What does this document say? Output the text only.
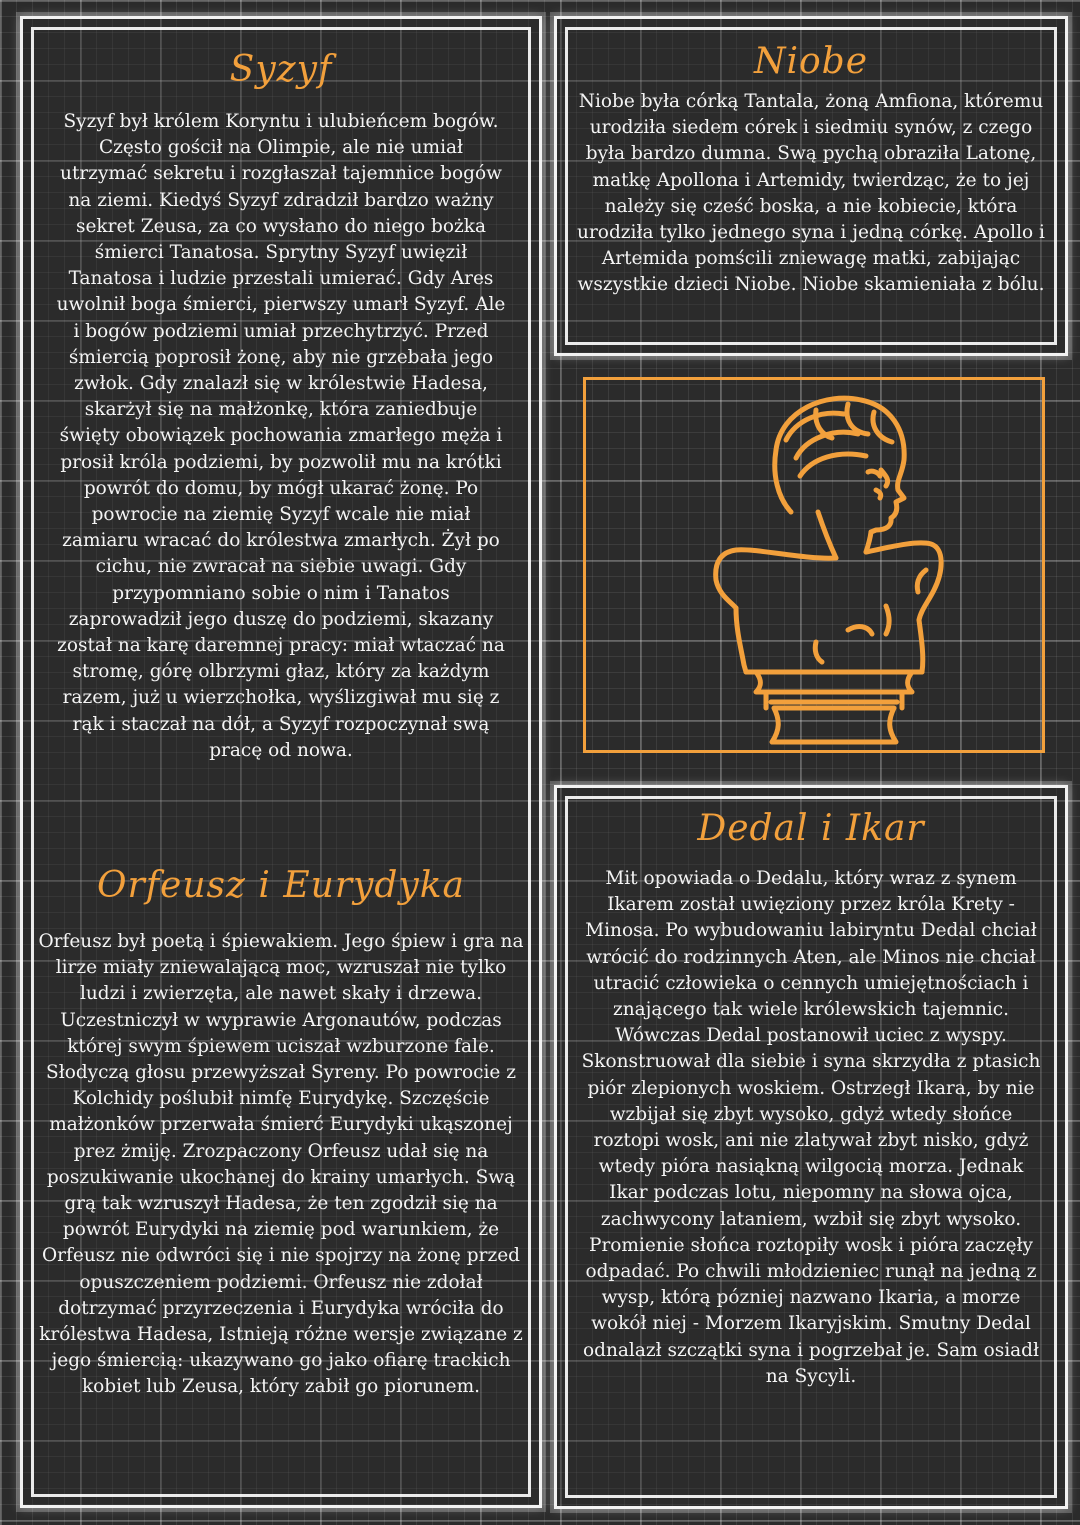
Syzyf

Syzyf był królem Koryntu i ulubieńcem bogów. Często gościł na Olimpie, ale nie umiał utrzymać sekretu i rozgłaszał tajemnice bogów na ziemi. Kiedyś Syzyf zdradził bardzo ważny sekret Zeusa, za co wysłano do niego bożka śmierci Tanatosa. Sprytny Syzyf uwięził Tanatosa i ludzie przestali umierać. Gdy Ares uwolnił boga śmierci, pierwszy umarł Syzyf. Ale i bogów podziemi umiał przechytrzyć. Przed śmiercią poprosił żonę, aby nie grzebała jego zwłok. Gdy znalazł się w królestwie Hadesa, skarżył się na małżonkę, która zaniedbuje święty obowiązek pochowania zmarłego męża i prosił króla podziemi, by pozwolił mu na krótki powrót do domu, by mógł ukarać żonę. Po powrocie na ziemię Syzyf wcale nie miał zamiaru wracać do królestwa zmarłych. Żył po cichu, nie zwracał na siebie uwagi. Gdy przypomniano sobie o nim i Tanatos zaprowadził jego duszę do podziemi, skazany został na karę daremnej pracy: miał wtaczać na stromę, górę olbrzymi głaz, który za każdym razem, już u wierzchołka, wyślizgiwał mu się z rąk i staczał na dół, a Syzyf rozpoczynał swą pracę od nowa.

Orfeusz i Eurydyka

Orfeusz był poetą i śpiewakiem. Jego śpiew i gra na lirze miały zniewalającą moc, wzruszał nie tylko ludzi i zwierzęta, ale nawet skały i drzewa. Uczestniczył w wyprawie Argonautów, podczas której swym śpiewem uciszał wzburzone fale. Słodyczą głosu przewyższał Syreny. Po powrocie z Kolchidy poślubił nimfę Eurydykę. Szczęście małżonków przerwała śmierć Eurydyki ukąszonej prez żmiję. Zrozpaczony Orfeusz udał się na poszukiwanie ukochanej do krainy umarłych. Swą grą tak wzruszył Hadesa, że ten zgodził się na powrót Eurydyki na ziemię pod warunkiem, że Orfeusz nie odwróci się i nie spojrzy na żonę przed opuszczeniem podziemi. Orfeusz nie zdołał dotrzymać przyrzeczenia i Eurydyka wróciła do królestwa Hadesa, Istnieją różne wersje związane z jego śmiercią: ukazywano go jako ofiarę trackich kobiet lub Zeusa, który zabił go piorunem.

Niobe

Niobe była córką Tantala, żoną Amfiona, któremu urodziła siedem córek i siedmiu synów, z czego była bardzo dumna. Swą pychą obraziła Latonę, matkę Apollona i Artemidy, twierdząc, że to jej należy się cześć boska, a nie kobiecie, która urodziła tylko jednego syna i jedną córkę. Apollo i Artemida pomścili zniewagę matki, zabijając wszystkie dzieci Niobe. Niobe skamieniała z bólu.

Dedal i Ikar

Mit opowiada o Dedalu, który wraz z synem Ikarem został uwięziony przez króla Krety - Minosa. Po wybudowaniu labiryntu Dedal chciał wrócić do rodzinnych Aten, ale Minos nie chciał utracić człowieka o cennych umiejętnościach i znającego tak wiele królewskich tajemnic. Wówczas Dedal postanowił uciec z wyspy. Skonstruował dla siebie i syna skrzydła z ptasich piór zlepionych woskiem. Ostrzegł Ikara, by nie wzbijał się zbyt wysoko, gdyż wtedy słońce roztopi wosk, ani nie zlatywał zbyt nisko, gdyż wtedy pióra nasiąkną wilgocią morza. Jednak Ikar podczas lotu, niepomny na słowa ojca, zachwycony lataniem, wzbił się zbyt wysoko. Promienie słońca roztopiły wosk i pióra zaczęły odpadać. Po chwili młodzieniec runął na jedną z wysp, którą pózniej nazwano Ikaria, a morze wokół niej - Morzem Ikaryjskim. Smutny Dedal odnalazł szczątki syna i pogrzebał je. Sam osiadł na Sycyli.
